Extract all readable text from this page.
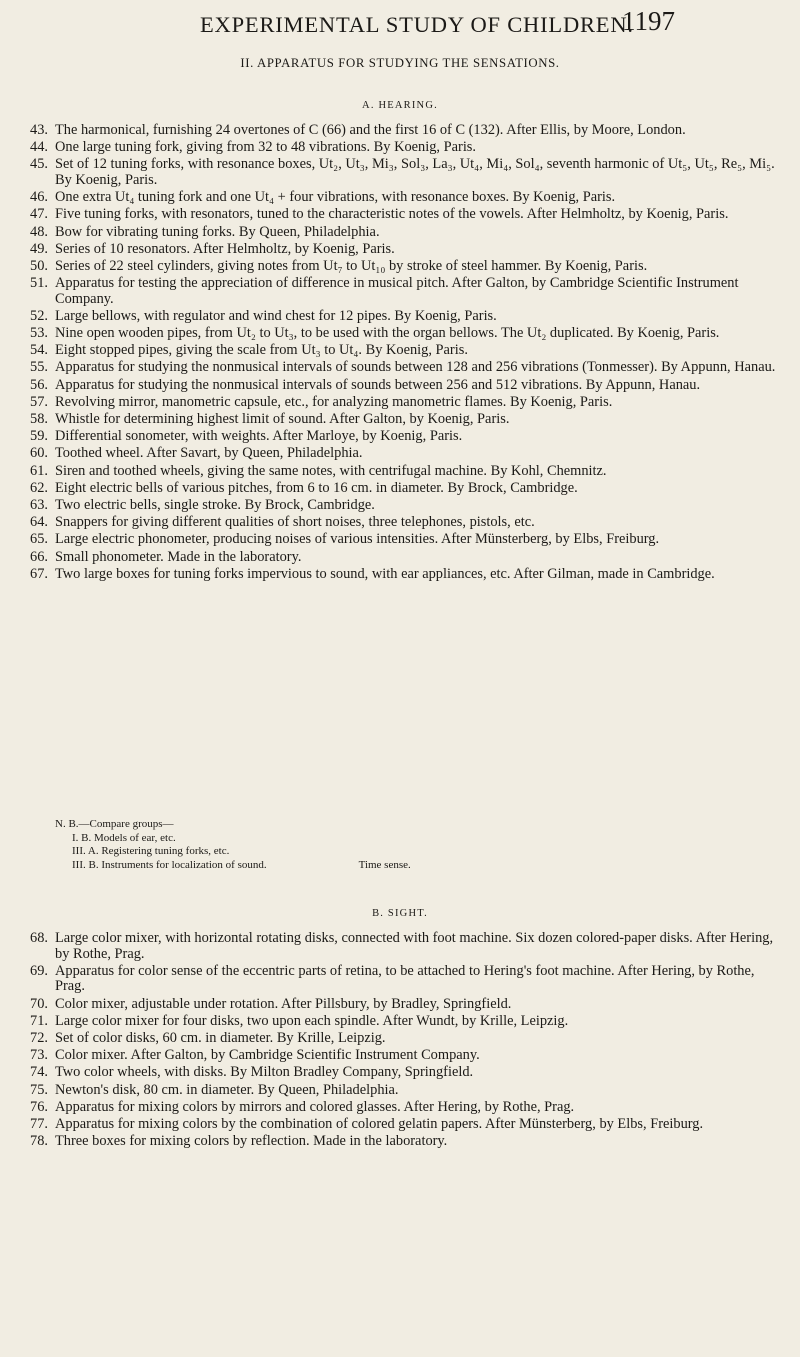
EXPERIMENTAL STUDY OF CHILDREN.
1197
II. APPARATUS FOR STUDYING THE SENSATIONS.
A. HEARING.
43. The harmonical, furnishing 24 overtones of C (66) and the first 16 of C (132). After Ellis, by Moore, London.
44. One large tuning fork, giving from 32 to 48 vibrations. By Koenig, Paris.
45. Set of 12 tuning forks, with resonance boxes, Ut₂, Ut₃, Mi₃, Sol₃, La₃, Ut₄, Mi₄, Sol₄, seventh harmonic of Ut₅, Ut₅, Re₅, Mi₅. By Koenig, Paris.
46. One extra Ut₄ tuning fork and one Ut₄ + four vibrations, with resonance boxes. By Koenig, Paris.
47. Five tuning forks, with resonators, tuned to the characteristic notes of the vowels. After Helmholtz, by Koenig, Paris.
48. Bow for vibrating tuning forks. By Queen, Philadelphia.
49. Series of 10 resonators. After Helmholtz, by Koenig, Paris.
50. Series of 22 steel cylinders, giving notes from Ut₇ to Ut₁₀ by stroke of steel hammer. By Koenig, Paris.
51. Apparatus for testing the appreciation of difference in musical pitch. After Galton, by Cambridge Scientific Instrument Company.
52. Large bellows, with regulator and wind chest for 12 pipes. By Koenig, Paris.
53. Nine open wooden pipes, from Ut₂ to Ut₃, to be used with the organ bellows. The Ut₂ duplicated. By Koenig, Paris.
54. Eight stopped pipes, giving the scale from Ut₃ to Ut₄. By Koenig, Paris.
55. Apparatus for studying the nonmusical intervals of sounds between 128 and 256 vibrations (Tonmesser). By Appunn, Hanau.
56. Apparatus for studying the nonmusical intervals of sounds between 256 and 512 vibrations. By Appunn, Hanau.
57. Revolving mirror, manometric capsule, etc., for analyzing manometric flames. By Koenig, Paris.
58. Whistle for determining highest limit of sound. After Galton, by Koenig, Paris.
59. Differential sonometer, with weights. After Marloye, by Koenig, Paris.
60. Toothed wheel. After Savart, by Queen, Philadelphia.
61. Siren and toothed wheels, giving the same notes, with centrifugal machine. By Kohl, Chemnitz.
62. Eight electric bells of various pitches, from 6 to 16 cm. in diameter. By Brock, Cambridge.
63. Two electric bells, single stroke. By Brock, Cambridge.
64. Snappers for giving different qualities of short noises, three telephones, pistols, etc.
65. Large electric phonometer, producing noises of various intensities. After Münsterberg, by Elbs, Freiburg.
66. Small phonometer. Made in the laboratory.
67. Two large boxes for tuning forks impervious to sound, with ear appliances, etc. After Gilman, made in Cambridge.
N. B.—Compare groups—
I. B. Models of ear, etc.
III. A. Registering tuning forks, etc.
III. B. Instruments for localization of sound.	Time sense.
B. SIGHT.
68. Large color mixer, with horizontal rotating disks, connected with foot machine. Six dozen colored-paper disks. After Hering, by Rothe, Prag.
69. Apparatus for color sense of the eccentric parts of retina, to be attached to Hering's foot machine. After Hering, by Rothe, Prag.
70. Color mixer, adjustable under rotation. After Pillsbury, by Bradley, Springfield.
71. Large color mixer for four disks, two upon each spindle. After Wundt, by Krille, Leipzig.
72. Set of color disks, 60 cm. in diameter. By Krille, Leipzig.
73. Color mixer. After Galton, by Cambridge Scientific Instrument Company.
74. Two color wheels, with disks. By Milton Bradley Company, Springfield.
75. Newton's disk, 80 cm. in diameter. By Queen, Philadelphia.
76. Apparatus for mixing colors by mirrors and colored glasses. After Hering, by Rothe, Prag.
77. Apparatus for mixing colors by the combination of colored gelatin papers. After Münsterberg, by Elbs, Freiburg.
78. Three boxes for mixing colors by reflection. Made in the laboratory.
